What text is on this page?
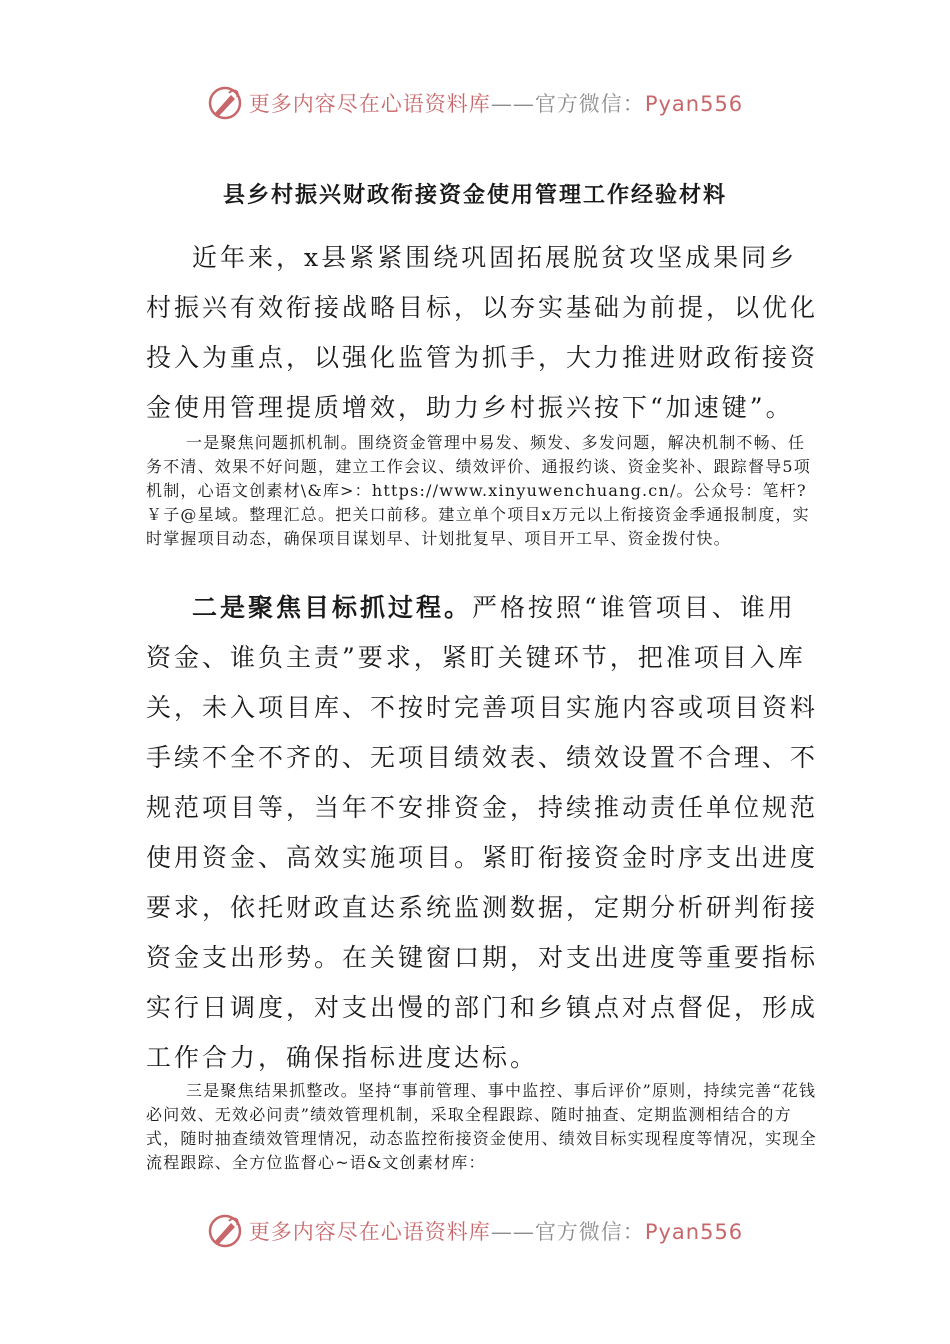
更多内容尽在心语资料库——官方微信：Pyan556
县乡村振兴财政衔接资金使用管理工作经验材料

近年来，x县紧紧围绕巩固拓展脱贫攻坚成果同乡村振兴有效衔接战略目标，以夯实基础为前提，以优化投入为重点，以强化监管为抓手，大力推进财政衔接资金使用管理提质增效，助力乡村振兴按下“加速键”。

一是聚焦问题抓机制。围绕资金管理中易发、频发、多发问题，解决机制不畅、任务不清、效果不好问题，建立工作会议、绩效评价、通报约谈、资金奖补、跟踪督导5项机制，心语文创素材\&库>：https://www.xinyuwenchuang.cn/。公众号：笔杆?￥子@星域。整理汇总。把关口前移。建立单个项目x万元以上衔接资金季通报制度，实时掌握项目动态，确保项目谋划早、计划批复早、项目开工早、资金拨付快。

二是聚焦目标抓过程。严格按照“谁管项目、谁用资金、谁负主责”要求，紧盯关键环节，把准项目入库关，未入项目库、不按时完善项目实施内容或项目资料手续不全不齐的、无项目绩效表、绩效设置不合理、不规范项目等，当年不安排资金，持续推动责任单位规范使用资金、高效实施项目。紧盯衔接资金时序支出进度要求，依托财政直达系统监测数据，定期分析研判衔接资金支出形势。在关键窗口期，对支出进度等重要指标实行日调度，对支出慢的部门和乡镇点对点督促，形成工作合力，确保指标进度达标。

三是聚焦结果抓整改。坚持“事前管理、事中监控、事后评价”原则，持续完善“花钱必问效、无效必问责”绩效管理机制，采取全程跟踪、随时抽查、定期监测相结合的方式，随时抽查绩效管理情况，动态监控衔接资金使用、绩效目标实现程度等情况，实现全流程跟踪、全方位监督心~语&文创素材库：

更多内容尽在心语资料库——官方微信：Pyan556
